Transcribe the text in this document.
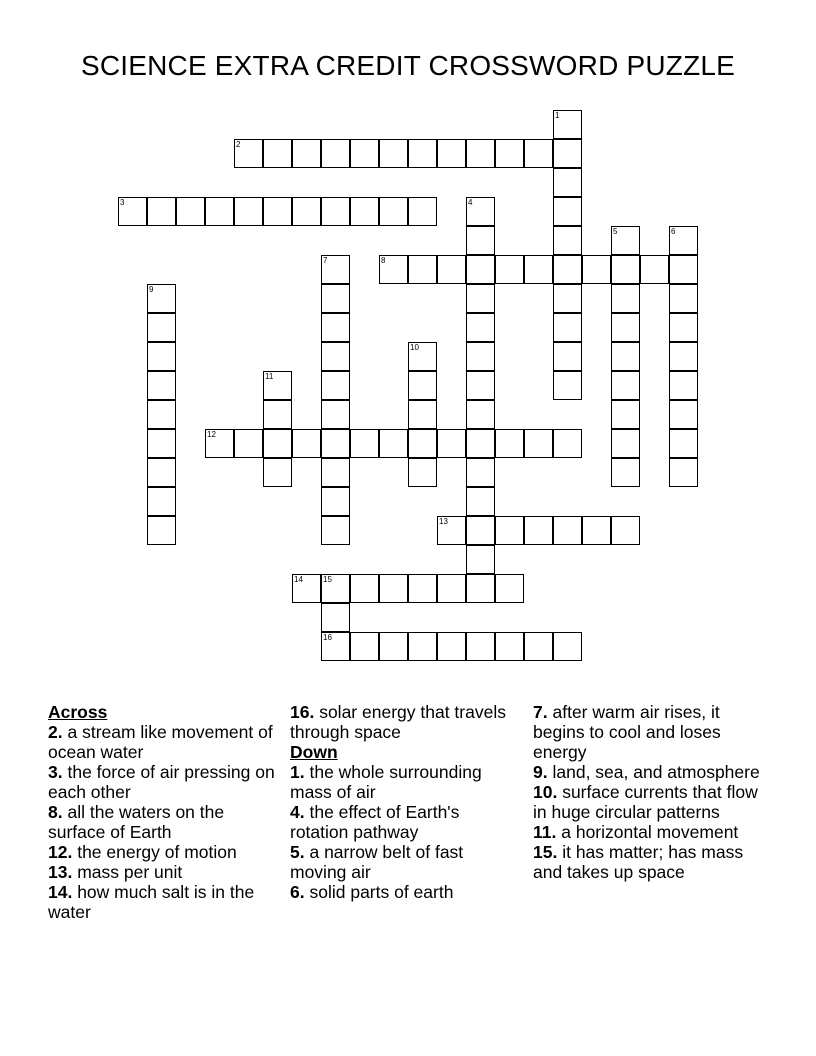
SCIENCE EXTRA CREDIT CROSSWORD PUZZLE
1
2
3	4
5	6
7	8
9
10
11
12
13
14	15
16
Across
2. a stream like movement of ocean water
3. the force of air pressing on each other
8. all the waters on the surface of Earth
12. the energy of motion
13. mass per unit
14. how much salt is in the water
16. solar energy that travels through space
Down
1. the whole surrounding mass of air
4. the effect of Earth's rotation pathway
5. a narrow belt of fast moving air
6. solid parts of earth
7. after warm air rises, it begins to cool and loses energy
9. land, sea, and atmosphere
10. surface currents that flow in huge circular patterns
11. a horizontal movement
15. it has matter; has mass and takes up space
